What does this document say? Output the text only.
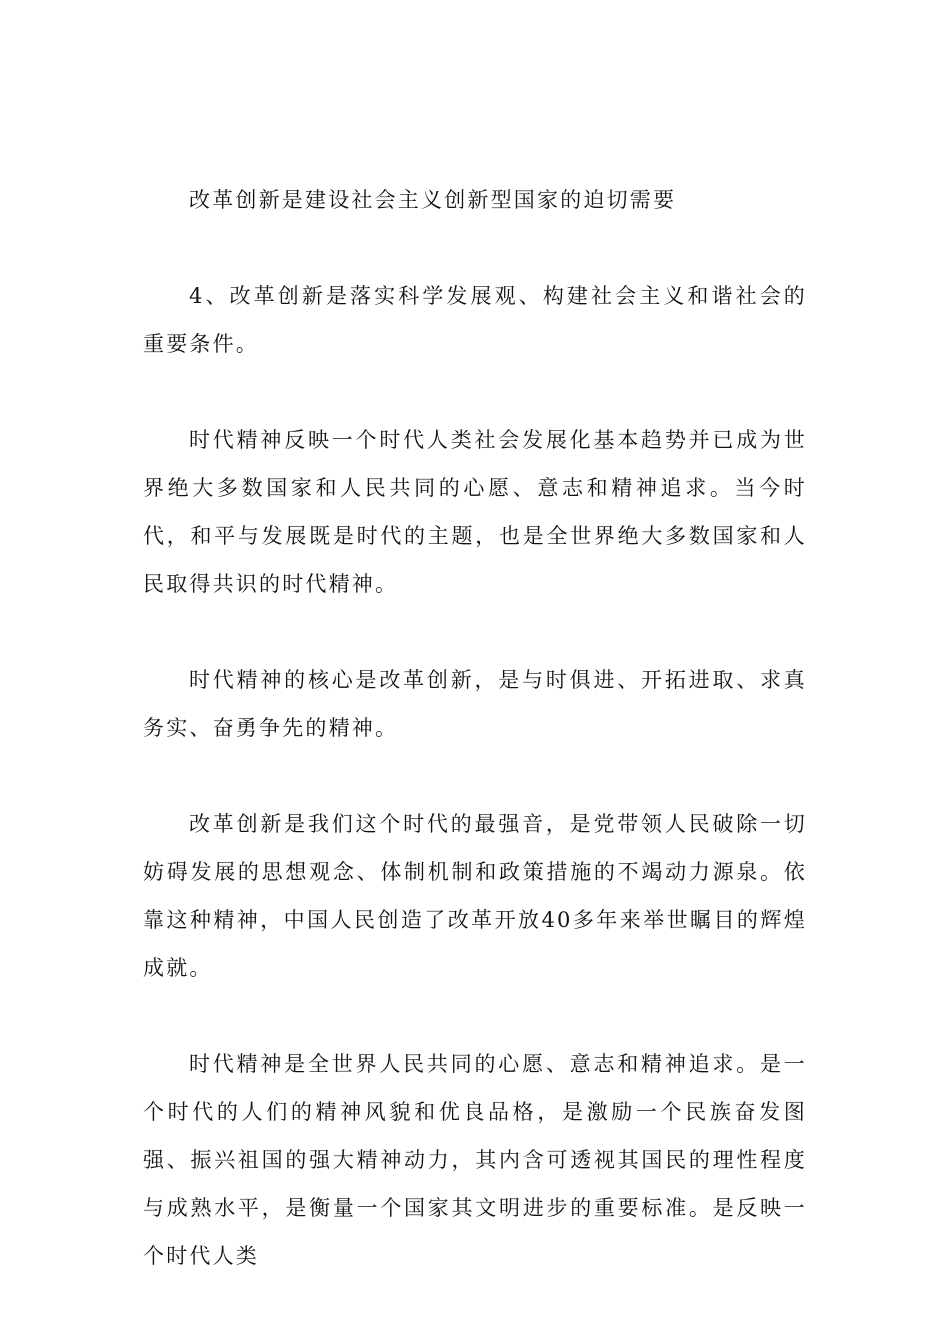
改革创新是建设社会主义创新型国家的迫切需要

4、改革创新是落实科学发展观、构建社会主义和谐社会的重要条件。

时代精神反映一个时代人类社会发展化基本趋势并已成为世界绝大多数国家和人民共同的心愿、意志和精神追求。当今时代，和平与发展既是时代的主题，也是全世界绝大多数国家和人民取得共识的时代精神。

时代精神的核心是改革创新，是与时俱进、开拓进取、求真务实、奋勇争先的精神。

改革创新是我们这个时代的最强音，是党带领人民破除一切妨碍发展的思想观念、体制机制和政策措施的不竭动力源泉。依靠这种精神，中国人民创造了改革开放40多年来举世瞩目的辉煌成就。

时代精神是全世界人民共同的心愿、意志和精神追求。是一个时代的人们的精神风貌和优良品格，是激励一个民族奋发图强、振兴祖国的强大精神动力，其内含可透视其国民的理性程度与成熟水平，是衡量一个国家其文明进步的重要标准。是反映一个时代人类
